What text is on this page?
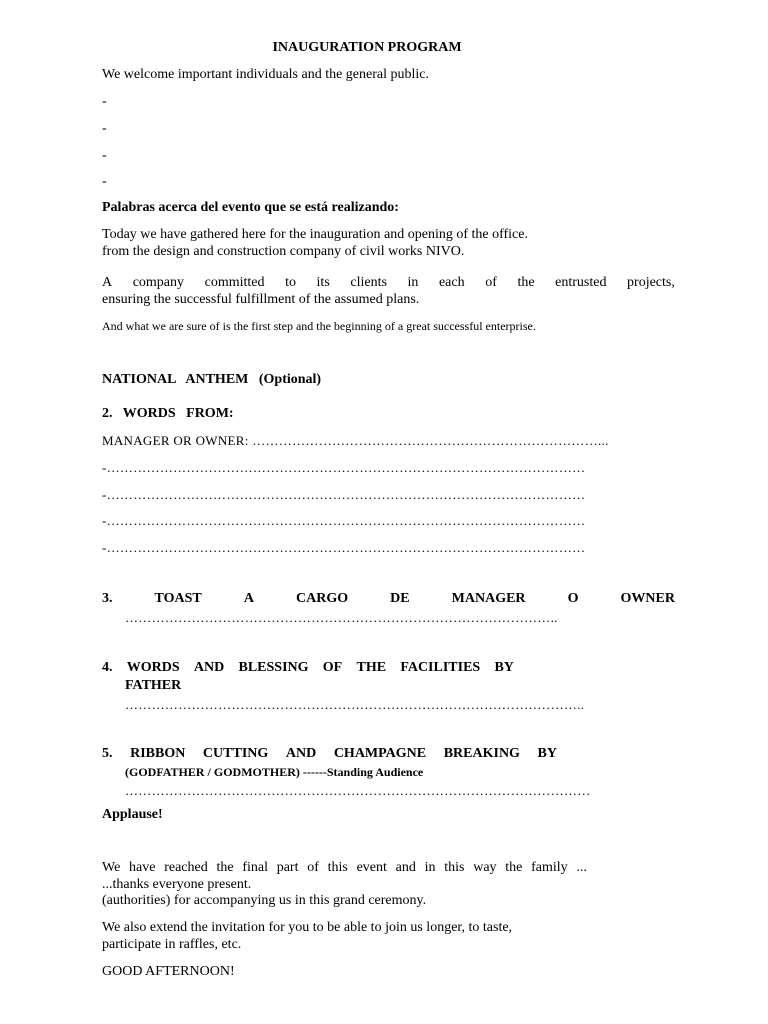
INAUGURATION PROGRAM
We welcome important individuals and the general public.
-
-
-
-
Palabras acerca del evento que se está realizando:
Today we have gathered here for the inauguration and opening of the office.
from the design and construction company of civil works NIVO.
A company committed to its clients in each of the entrusted projects,
ensuring the successful fulfillment of the assumed plans.
And what we are sure of is the first step and the beginning of a great successful enterprise.
NATIONAL   ANTHEM   (Optional)
2.   WORDS   FROM:
MANAGER OR OWNER: ……………………………………………………………………...
-………………………………………………………………………………………………
-………………………………………………………………………………………………
-………………………………………………………………………………………………
-………………………………………………………………………………………………
3.	TOAST	A	CARGO	DE	MANAGER	O	OWNER
……………………………………………………………………………………..
4. WORDS AND BLESSING OF THE FACILITIES BY
FATHER
…………………………………………………………………………………………..
5. RIBBON CUTTING AND CHAMPAGNE BREAKING BY
(GODFATHER / GODMOTHER) ------Standing Audience
……………………………………………………………………………………………
Applause!
We have reached the final part of this event and in this way the family ...
...thanks everyone present.
(authorities) for accompanying us in this grand ceremony.
We also extend the invitation for you to be able to join us longer, to taste,
participate in raffles, etc.
GOOD AFTERNOON!
